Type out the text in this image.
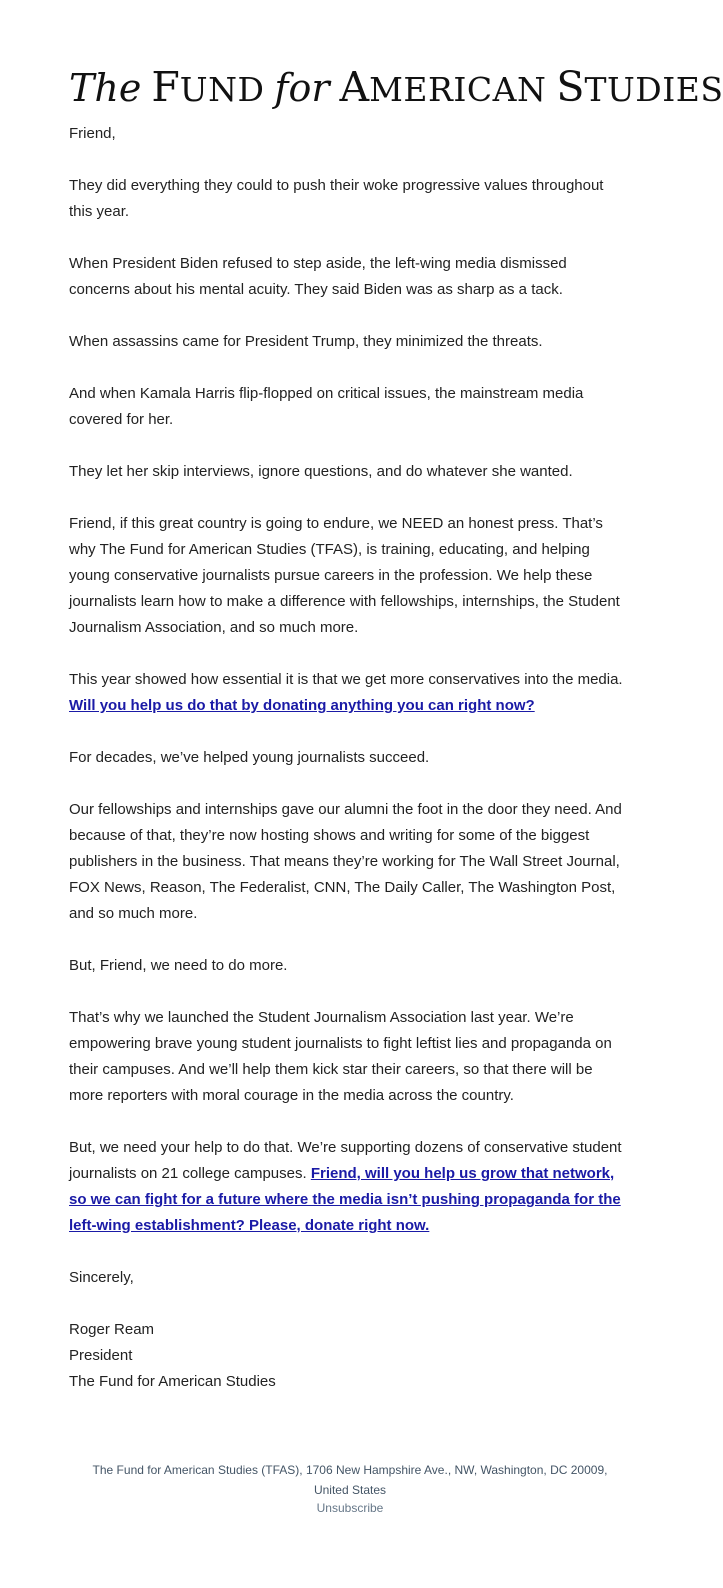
The FUND for AMERICAN STUDIES

Friend,

They did everything they could to push their woke progressive values throughout this year.

When President Biden refused to step aside, the left-wing media dismissed concerns about his mental acuity. They said Biden was as sharp as a tack.

When assassins came for President Trump, they minimized the threats.

And when Kamala Harris flip-flopped on critical issues, the mainstream media covered for her.

They let her skip interviews, ignore questions, and do whatever she wanted.

Friend, if this great country is going to endure, we NEED an honest press. That’s why The Fund for American Studies (TFAS), is training, educating, and helping young conservative journalists pursue careers in the profession. We help these journalists learn how to make a difference with fellowships, internships, the Student Journalism Association, and so much more.

This year showed how essential it is that we get more conservatives into the media. Will you help us do that by donating anything you can right now?

For decades, we’ve helped young journalists succeed.

Our fellowships and internships gave our alumni the foot in the door they need. And because of that, they’re now hosting shows and writing for some of the biggest publishers in the business. That means they’re working for The Wall Street Journal, FOX News, Reason, The Federalist, CNN, The Daily Caller, The Washington Post, and so much more.

But, Friend, we need to do more.

That’s why we launched the Student Journalism Association last year. We’re empowering brave young student journalists to fight leftist lies and propaganda on their campuses. And we’ll help them kick star their careers, so that there will be more reporters with moral courage in the media across the country.

But, we need your help to do that. We’re supporting dozens of conservative student journalists on 21 college campuses. Friend, will you help us grow that network, so we can fight for a future where the media isn’t pushing propaganda for the left-wing establishment? Please, donate right now.

Sincerely,

Roger Ream

President

The Fund for American Studies

The Fund for American Studies (TFAS), 1706 New Hampshire Ave., NW, Washington, DC 20009, United States
Unsubscribe
